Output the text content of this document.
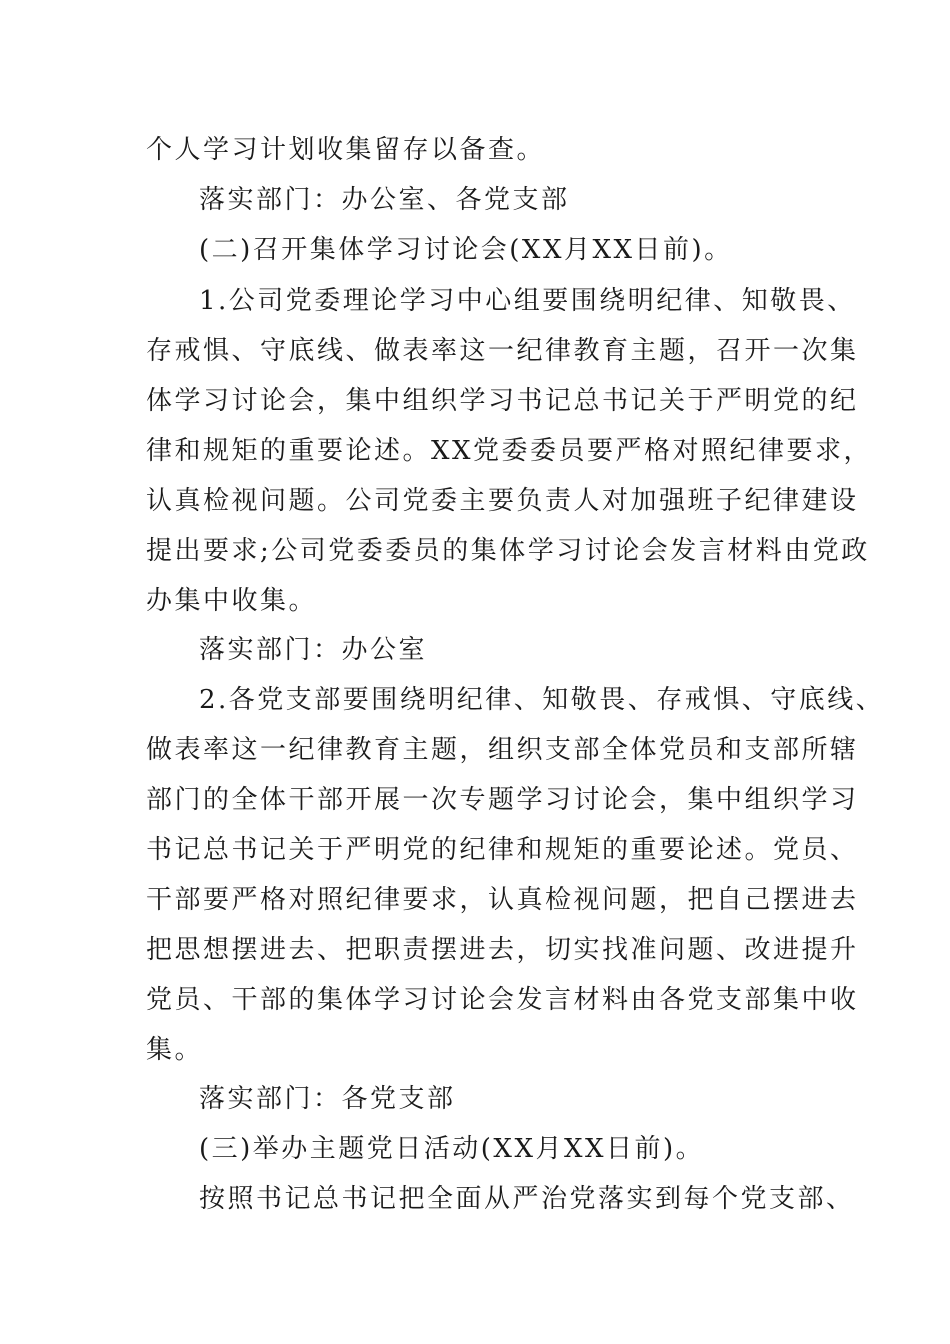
个人学习计划收集留存以备查。
落实部门：办公室、各党支部
(二)召开集体学习讨论会(XX月XX日前)。
1.公司党委理论学习中心组要围绕明纪律、知敬畏、
存戒惧、守底线、做表率这一纪律教育主题，召开一次集
体学习讨论会，集中组织学习书记总书记关于严明党的纪
律和规矩的重要论述。XX党委委员要严格对照纪律要求，
认真检视问题。公司党委主要负责人对加强班子纪律建设
提出要求;公司党委委员的集体学习讨论会发言材料由党政
办集中收集。
落实部门：办公室
2.各党支部要围绕明纪律、知敬畏、存戒惧、守底线、
做表率这一纪律教育主题，组织支部全体党员和支部所辖
部门的全体干部开展一次专题学习讨论会，集中组织学习
书记总书记关于严明党的纪律和规矩的重要论述。党员、
干部要严格对照纪律要求，认真检视问题，把自己摆进去
把思想摆进去、把职责摆进去，切实找准问题、改进提升
党员、干部的集体学习讨论会发言材料由各党支部集中收
集。
落实部门：各党支部
(三)举办主题党日活动(XX月XX日前)。
按照书记总书记把全面从严治党落实到每个党支部、
